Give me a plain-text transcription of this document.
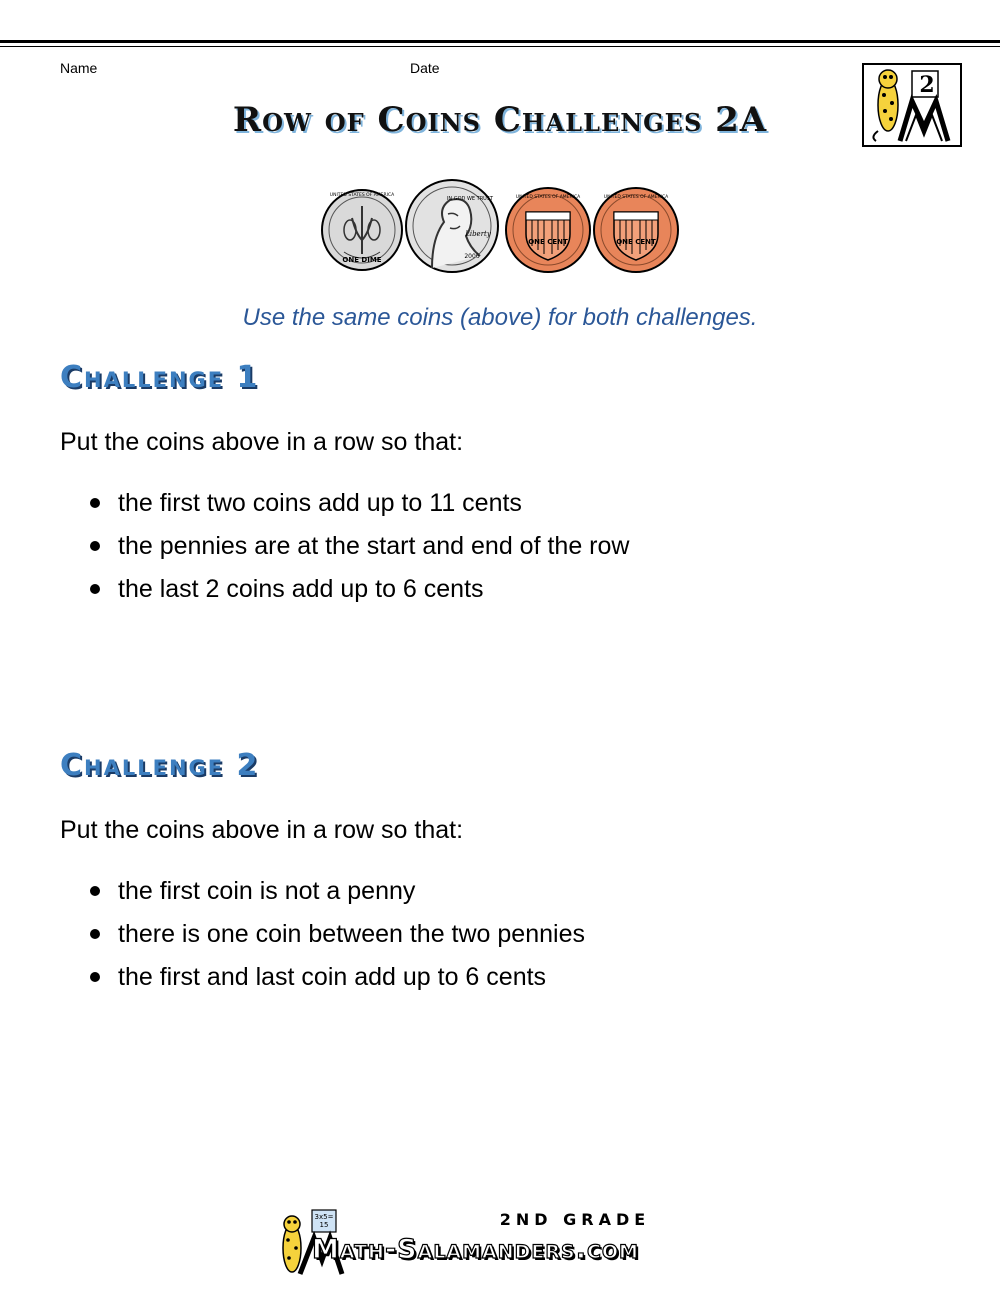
Name	Date
Row of Coins Challenges 2A
2
ONE DIME
UNITED STATES OF AMERICA
IN GOD WE TRUST
Liberty
2006
UNITED STATES OF AMERICA
ONE CENT
UNITED STATES OF AMERICA
ONE CENT
Use the same coins (above) for both challenges.
Challenge 1
Put the coins above in a row so that:
the first two coins add up to 11 cents
the pennies are at the start and end of the row
the last 2 coins add up to 6 cents
Challenge 2
Put the coins above in a row so that:
the first coin is not a penny
there is one coin between the two pennies
the first and last coin add up to 6 cents
3x5= 15	2ND GRADE
Math-Salamanders.com
